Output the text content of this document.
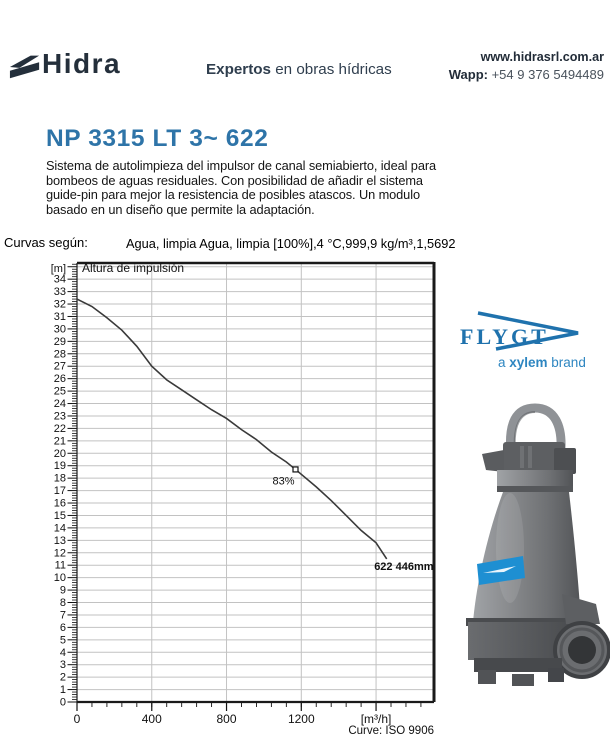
Hidra	Expertos en obras hídricas
www.hidrasrl.com.ar
Wapp: +54 9 376 5494489
NP 3315 LT 3~ 622
Sistema de autolimpieza del impulsor de canal semiabierto, ideal para
bombeos de aguas residuales. Con posibilidad de añadir el sistema
guide-pin para mejor la resistencia de posibles atascos. Un modulo
basado en un diseño que permite la adaptación.
Curvas según:	Agua, limpia Agua, limpia [100%],4 °C,999,9 kg/m³,1,5692
0
1
2
3
4
5
6
7
8
9
10
11
12
13
14
15
16
17
18
19
20
21
22
23
24
25
26
27
28
29
30
31
32
33
34
0	400	800	1200	[m³/h]
[m] Altura de impulsión
83%
622 446mm
Curve: ISO 9906
FLYGT
a xylem brand
